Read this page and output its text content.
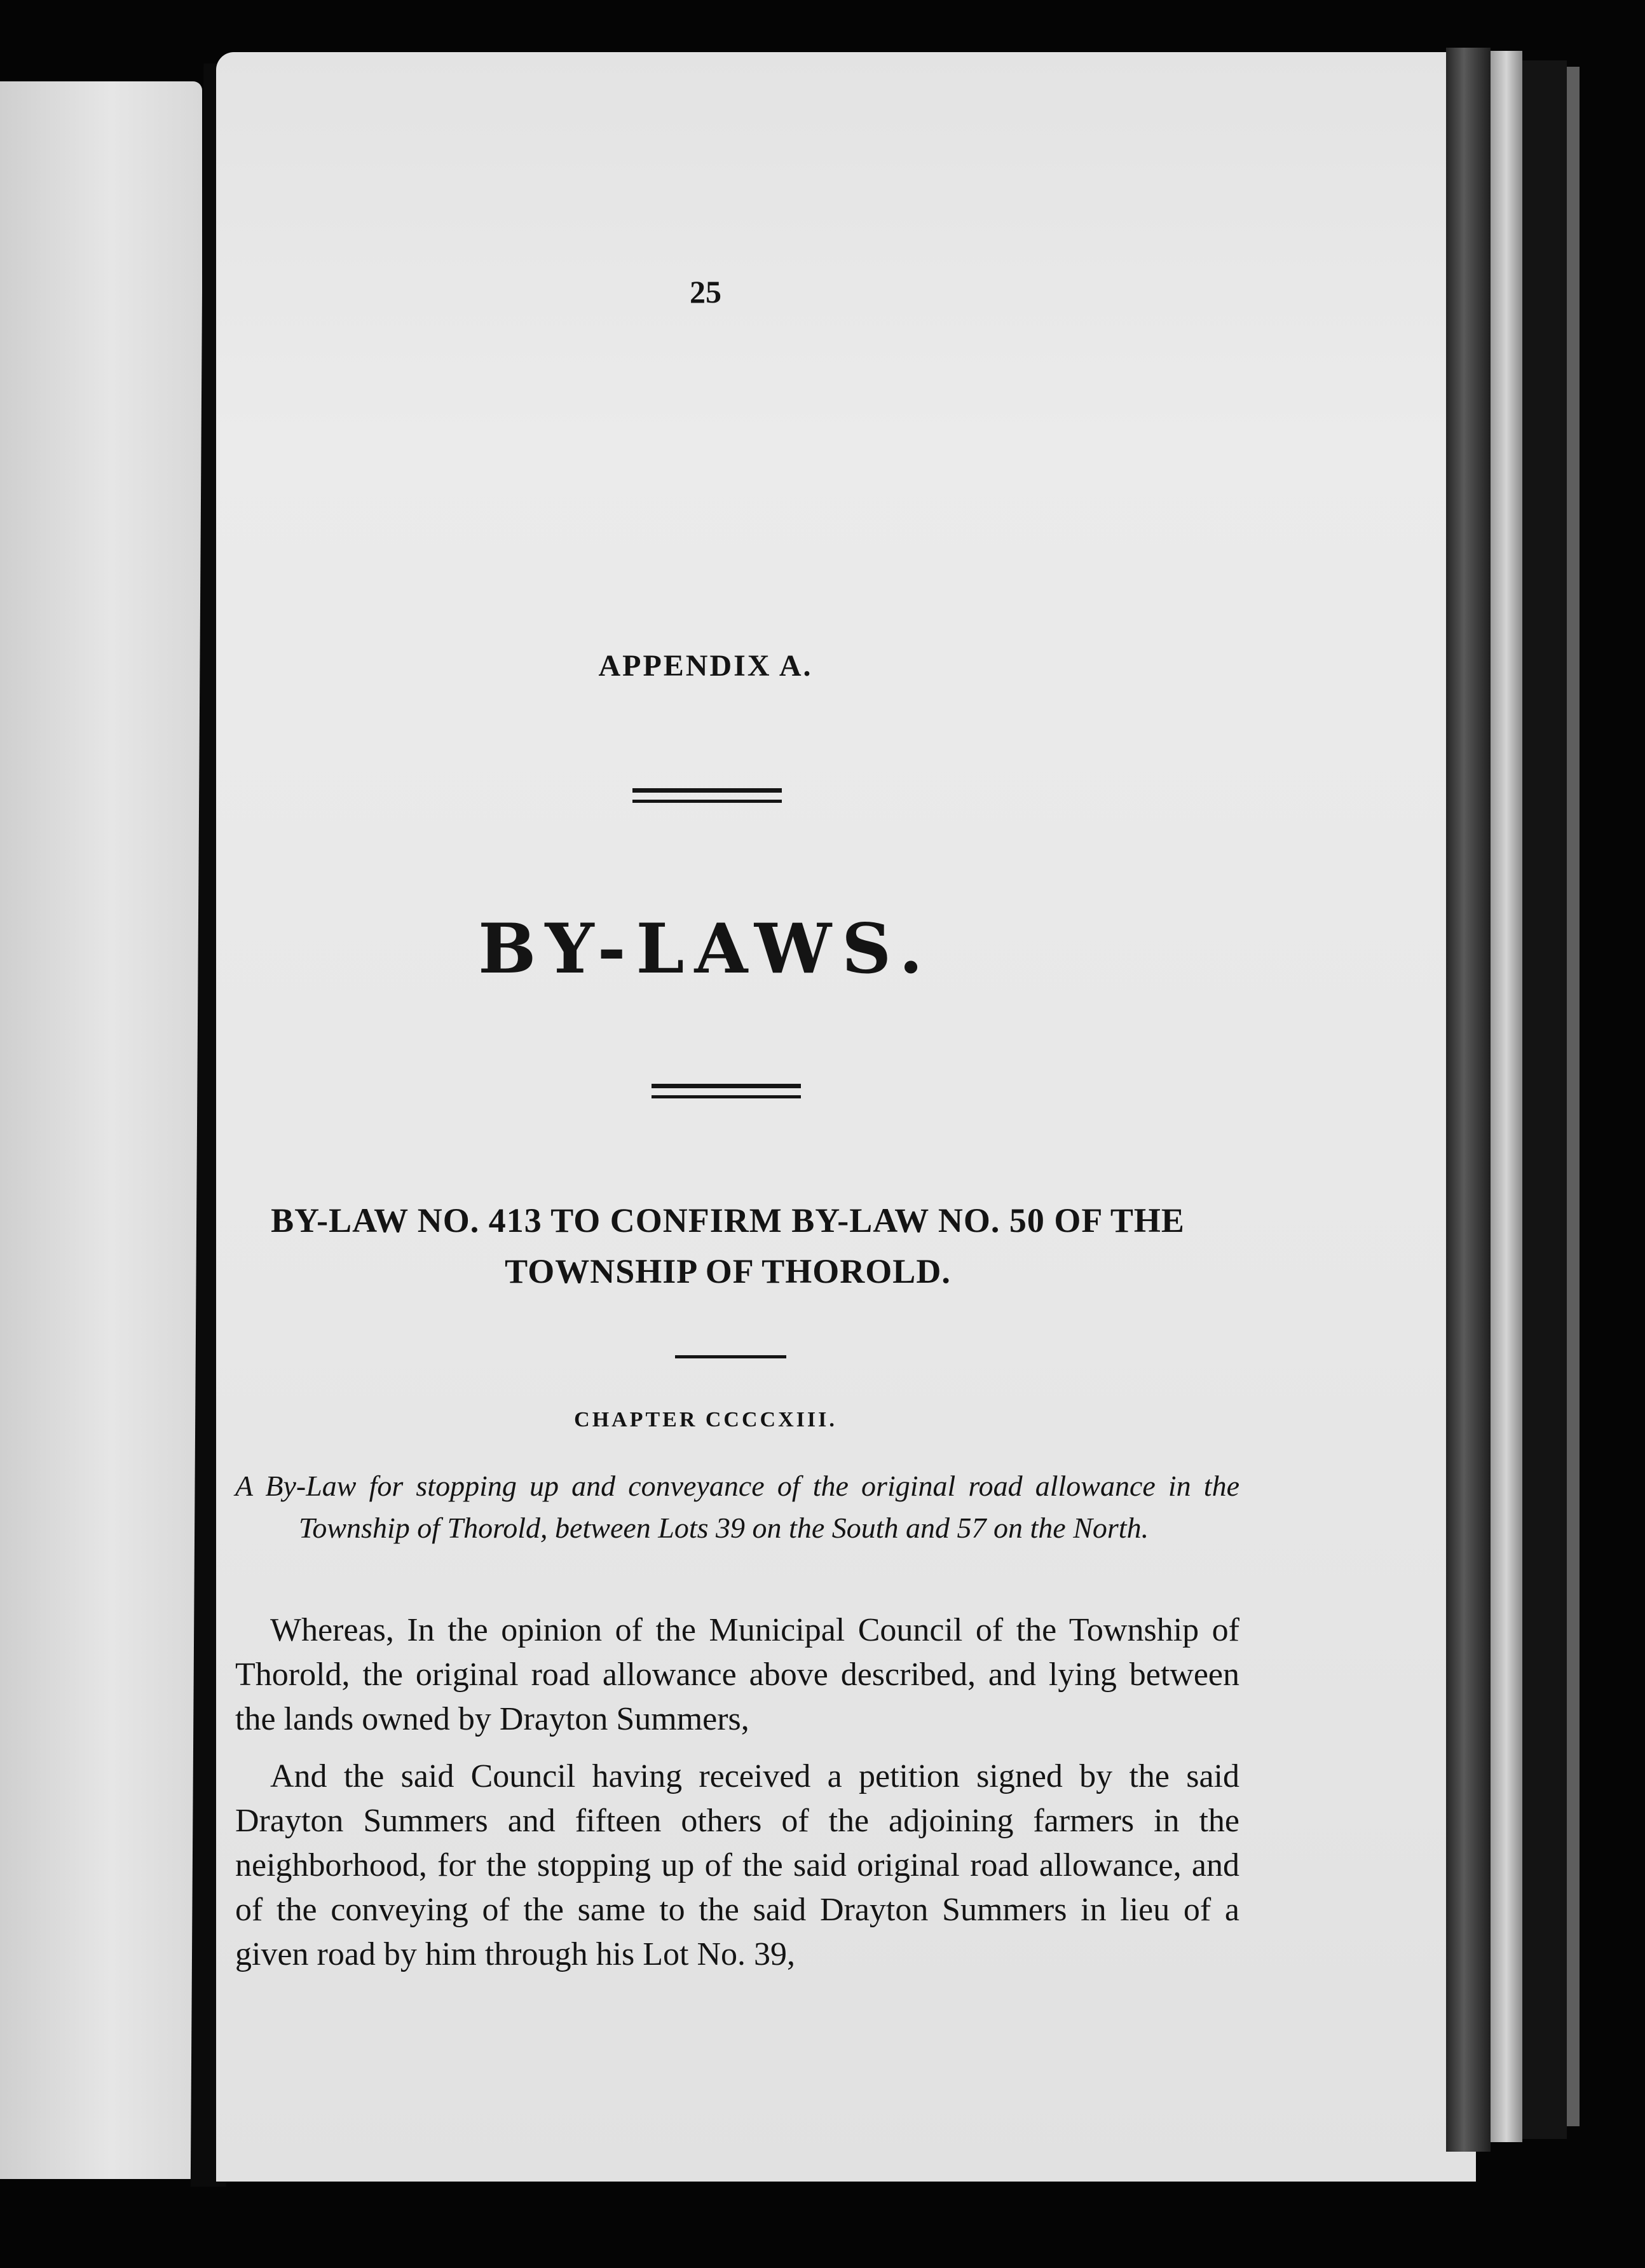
25
APPENDIX A.
BY-LAWS.
BY-LAW NO. 413 TO CONFIRM BY-LAW NO. 50 OF THE TOWNSHIP OF THOROLD.
CHAPTER CCCCXIII.
A By-Law for stopping up and conveyance of the original road allowance in the Township of Thorold, between Lots 39 on the South and 57 on the North.
Whereas, In the opinion of the Municipal Council of the Township of Thorold, the original road allowance above described, and lying between the lands owned by Drayton Summers,
And the said Council having received a petition signed by the said Drayton Summers and fifteen others of the adjoining farmers in the neighborhood, for the stopping up of the said original road allowance, and of the conveying of the same to the said Drayton Summers in lieu of a given road by him through his Lot No. 39,
